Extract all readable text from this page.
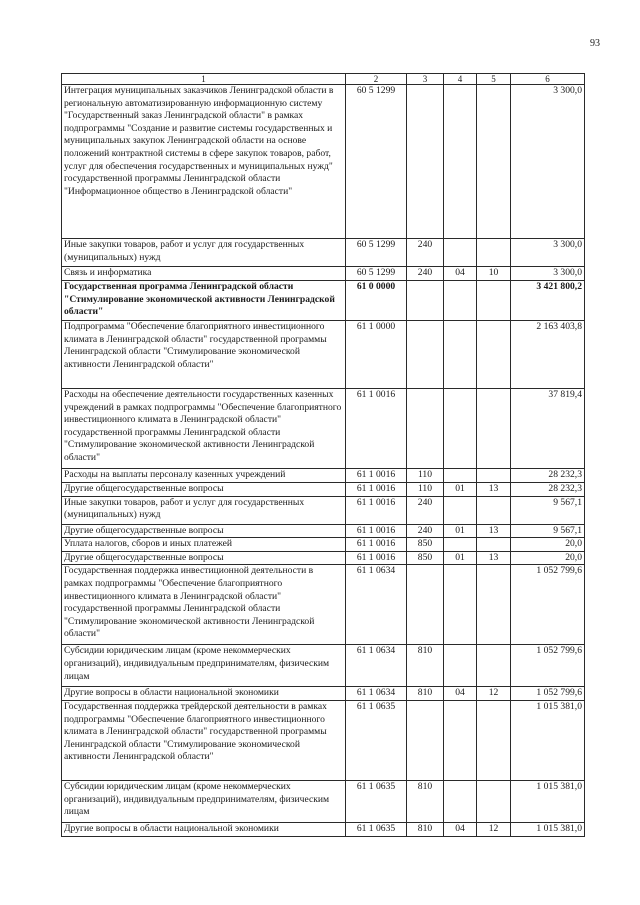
93
1	2	3	4	5	6
Интеграция муниципальных заказчиков Ленинградской области в региональную автоматизированную информационную систему "Государственный заказ Ленинградской области" в рамках подпрограммы "Создание и развитие системы государственных и муниципальных закупок Ленинградской области на основе положений контрактной системы в сфере закупок товаров, работ, услуг для обеспечения государственных и муниципальных нужд" государственной программы Ленинградской области "Информационное общество в Ленинградской области"	60 5 1299				3 300,0
Иные закупки товаров, работ и услуг для государственных (муниципальных) нужд	60 5 1299	240			3 300,0
Связь и информатика	60 5 1299	240	04	10	3 300,0
Государственная программа Ленинградской области "Стимулирование экономической активности Ленинградской области"	61 0 0000				3 421 800,2
Подпрограмма "Обеспечение благоприятного инвестиционного климата в Ленинградской области" государственной программы Ленинградской области "Стимулирование экономической активности Ленинградской области"	61 1 0000				2 163 403,8
Расходы на обеспечение деятельности государственных казенных учреждений в рамках подпрограммы "Обеспечение благоприятного инвестиционного климата в Ленинградской области" государственной программы Ленинградской области "Стимулирование экономической активности Ленинградской области"	61 1 0016				37 819,4
Расходы на выплаты персоналу казенных учреждений	61 1 0016	110			28 232,3
Другие общегосударственные вопросы	61 1 0016	110	01	13	28 232,3
Иные закупки товаров, работ и услуг для государственных (муниципальных) нужд	61 1 0016	240			9 567,1
Другие общегосударственные вопросы	61 1 0016	240	01	13	9 567,1
Уплата налогов, сборов и иных платежей	61 1 0016	850			20,0
Другие общегосударственные вопросы	61 1 0016	850	01	13	20,0
Государственная поддержка инвестиционной деятельности в рамках подпрограммы "Обеспечение благоприятного инвестиционного климата в Ленинградской области" государственной программы Ленинградской области "Стимулирование экономической активности Ленинградской области"	61 1 0634				1 052 799,6
Субсидии юридическим лицам (кроме некоммерческих организаций), индивидуальным предпринимателям, физическим лицам	61 1 0634	810			1 052 799,6
Другие вопросы в области национальной экономики	61 1 0634	810	04	12	1 052 799,6
Государственная поддержка трейдерской деятельности в рамках подпрограммы "Обеспечение благоприятного инвестиционного климата в Ленинградской области" государственной программы Ленинградской области "Стимулирование экономической активности Ленинградской области"	61 1 0635				1 015 381,0
Субсидии юридическим лицам (кроме некоммерческих организаций), индивидуальным предпринимателям, физическим лицам	61 1 0635	810			1 015 381,0
Другие вопросы в области национальной экономики	61 1 0635	810	04	12	1 015 381,0
